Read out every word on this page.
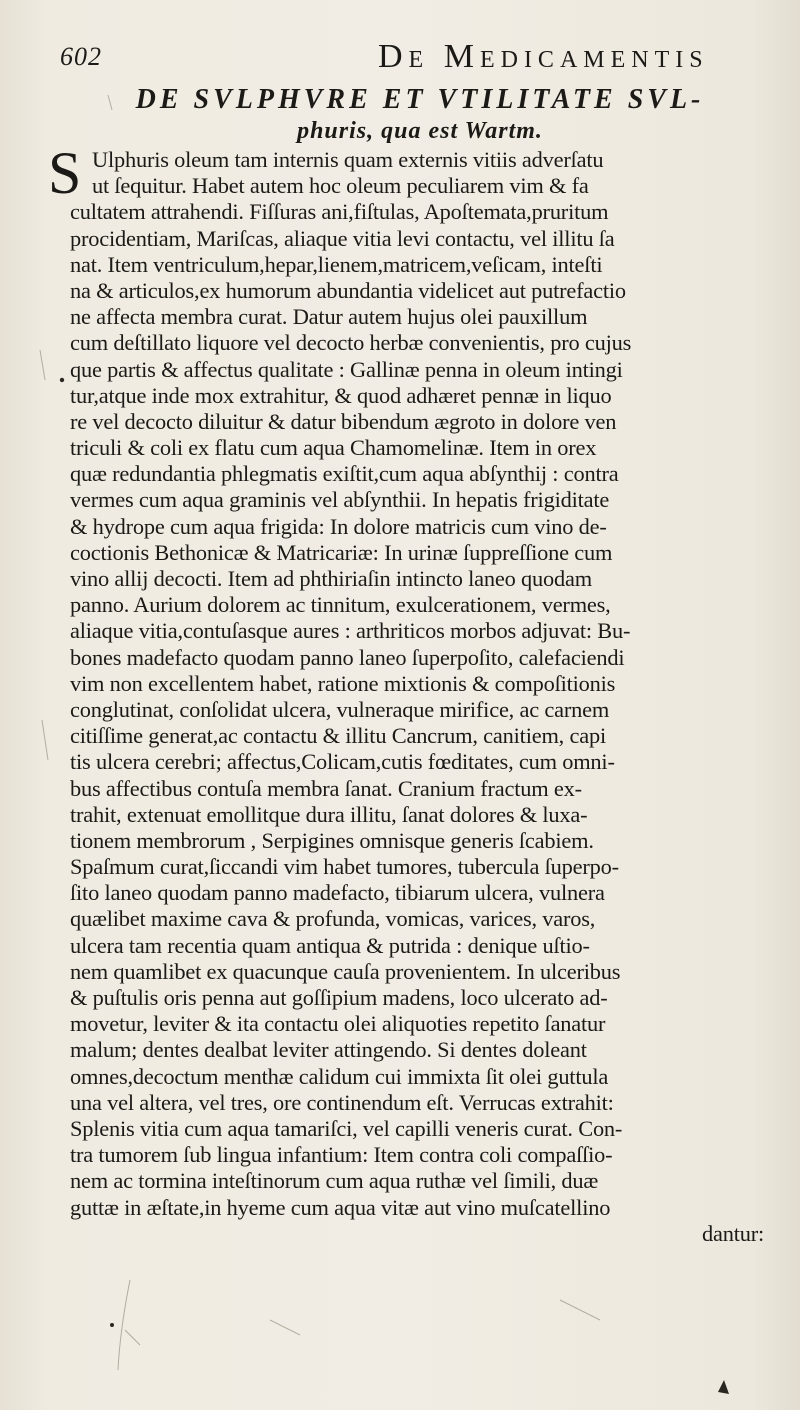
602	De Medicamentis
DE SVLPHVRE ET VTILITATE SVL-
phuris, qua est Wartm.
S Ulphuris oleum tam internis quam externis vitiis adverſatu
ut ſequitur. Habet autem hoc oleum peculiarem vim & fa
cultatem attrahendi. Fiſſuras ani,fiſtulas, Apoſtemata,pruritum
procidentiam, Mariſcas, aliaque vitia levi contactu, vel illitu ſa
nat. Item ventriculum,hepar,lienem,matricem,veſicam, inteſti
na & articulos,ex humorum abundantia videlicet aut putrefactio
ne affecta membra curat. Datur autem hujus olei pauxillum
cum deſtillato liquore vel decocto herbæ convenientis, pro cujus
que partis & affectus qualitate : Gallinæ penna in oleum intingi
tur,atque inde mox extrahitur, & quod adhæret pennæ in liquo
re vel decocto diluitur & datur bibendum ægroto in dolore ven
triculi & coli ex flatu cum aqua Chamomelinæ. Item in orex
quæ redundantia phlegmatis exiſtit,cum aqua abſynthij : contra
vermes cum aqua graminis vel abſynthii. In hepatis frigiditate
& hydrope cum aqua frigida: In dolore matricis cum vino de-
coctionis Bethonicæ & Matricariæ: In urinæ ſuppreſſione cum
vino allij decocti. Item ad phthiriaſin intincto laneo quodam
panno. Aurium dolorem ac tinnitum, exulcerationem, vermes,
aliaque vitia,contuſasque aures : arthriticos morbos adjuvat: Bu-
bones madefacto quodam panno laneo ſuperpoſito, calefaciendi
vim non excellentem habet, ratione mixtionis & compoſitionis
conglutinat, conſolidat ulcera, vulneraque mirifice, ac carnem
citiſſime generat,ac contactu & illitu Cancrum, canitiem, capi
tis ulcera cerebri; affectus,Colicam,cutis fœditates, cum omni-
bus affectibus contuſa membra ſanat. Cranium fractum ex-
trahit, extenuat emollitque dura illitu, ſanat dolores & luxa-
tionem membrorum , Serpigines omnisque generis ſcabiem.
Spaſmum curat,ſiccandi vim habet tumores, tubercula ſuperpo-
ſito laneo quodam panno madefacto, tibiarum ulcera, vulnera
quælibet maxime cava & profunda, vomicas, varices, varos,
ulcera tam recentia quam antiqua & putrida : denique uſtio-
nem quamlibet ex quacunque cauſa provenientem. In ulceribus
& puſtulis oris penna aut goſſipium madens, loco ulcerato ad-
movetur, leviter & ita contactu olei aliquoties repetito ſanatur
malum; dentes dealbat leviter attingendo. Si dentes doleant
omnes,decoctum menthæ calidum cui immixta ſit olei guttula
una vel altera, vel tres, ore continendum eſt. Verrucas extrahit:
Splenis vitia cum aqua tamariſci, vel capilli veneris curat. Con-
tra tumorem ſub lingua infantium: Item contra coli compaſſio-
nem ac tormina inteſtinorum cum aqua ruthæ vel ſimili, duæ
guttæ in æſtate,in hyeme cum aqua vitæ aut vino muſcatellino
dantur:
